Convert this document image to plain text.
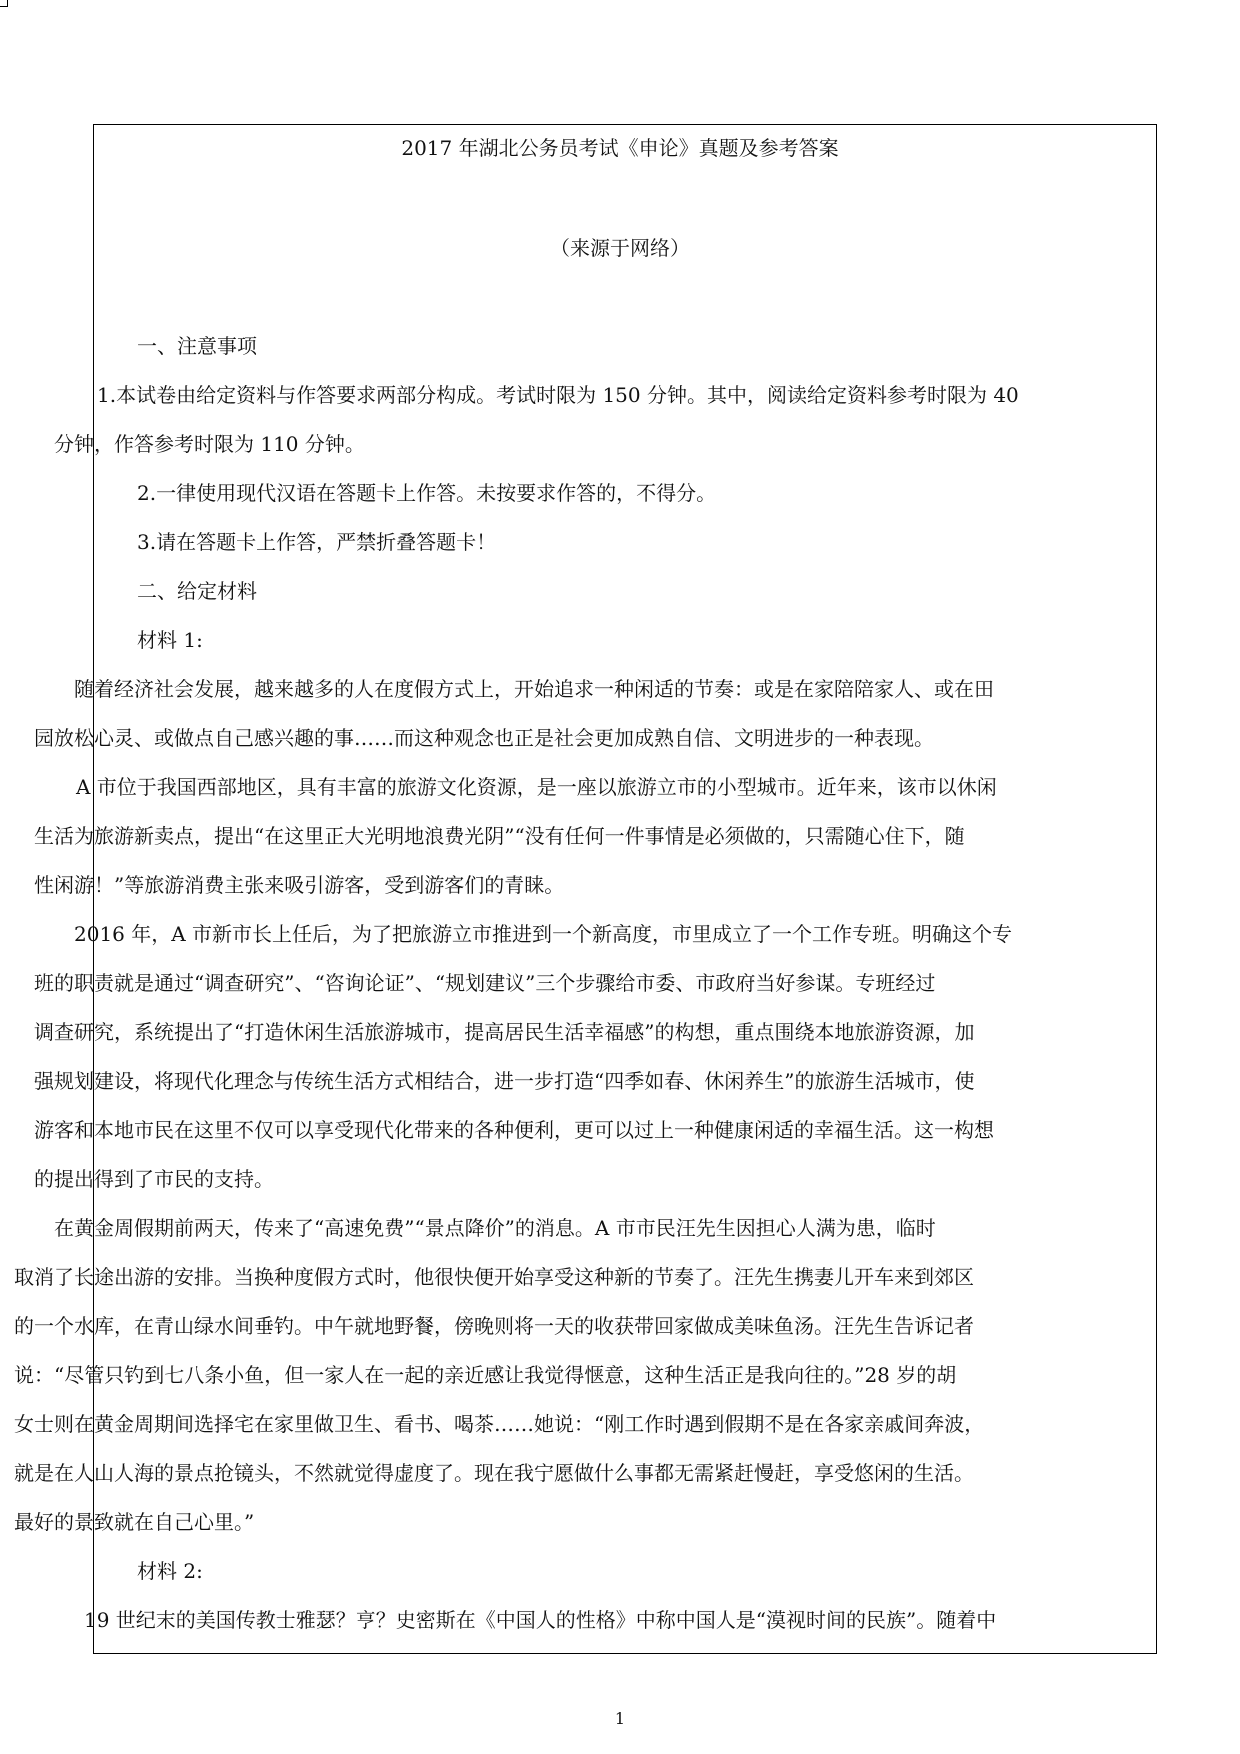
2017 年湖北公务员考试《申论》真题及参考答案
（来源于网络）
一、注意事项
1.本试卷由给定资料与作答要求两部分构成。考试时限为 150 分钟。其中，阅读给定资料参考时限为 40
分钟，作答参考时限为 110 分钟。
2.一律使用现代汉语在答题卡上作答。未按要求作答的，不得分。
3.请在答题卡上作答，严禁折叠答题卡！
二、给定材料
材料 1:
随着经济社会发展，越来越多的人在度假方式上，开始追求一种闲适的节奏：或是在家陪陪家人、或在田
园放松心灵、或做点自己感兴趣的事……而这种观念也正是社会更加成熟自信、文明进步的一种表现。
A 市位于我国西部地区，具有丰富的旅游文化资源，是一座以旅游立市的小型城市。近年来，该市以休闲
生活为旅游新卖点，提出“在这里正大光明地浪费光阴”“没有任何一件事情是必须做的，只需随心住下，随
性闲游！”等旅游消费主张来吸引游客，受到游客们的青睐。
2016 年，A 市新市长上任后，为了把旅游立市推进到一个新高度，市里成立了一个工作专班。明确这个专
班的职责就是通过“调查研究”、“咨询论证”、“规划建议”三个步骤给市委、市政府当好参谋。专班经过
调查研究，系统提出了“打造休闲生活旅游城市，提高居民生活幸福感”的构想，重点围绕本地旅游资源，加
强规划建设，将现代化理念与传统生活方式相结合，进一步打造“四季如春、休闲养生”的旅游生活城市，使
游客和本地市民在这里不仅可以享受现代化带来的各种便利，更可以过上一种健康闲适的幸福生活。这一构想
的提出得到了市民的支持。
在黄金周假期前两天，传来了“高速免费”“景点降价”的消息。A 市市民汪先生因担心人满为患，临时
取消了长途出游的安排。当换种度假方式时，他很快便开始享受这种新的节奏了。汪先生携妻儿开车来到郊区
的一个水库，在青山绿水间垂钓。中午就地野餐，傍晚则将一天的收获带回家做成美味鱼汤。汪先生告诉记者
说：“尽管只钓到七八条小鱼，但一家人在一起的亲近感让我觉得惬意，这种生活正是我向往的。”28 岁的胡
女士则在黄金周期间选择宅在家里做卫生、看书、喝茶……她说：“刚工作时遇到假期不是在各家亲戚间奔波，
就是在人山人海的景点抢镜头，不然就觉得虚度了。现在我宁愿做什么事都无需紧赶慢赶，享受悠闲的生活。
最好的景致就在自己心里。”
材料 2:
19 世纪末的美国传教士雅瑟？亨？史密斯在《中国人的性格》中称中国人是“漠视时间的民族”。随着中
1
